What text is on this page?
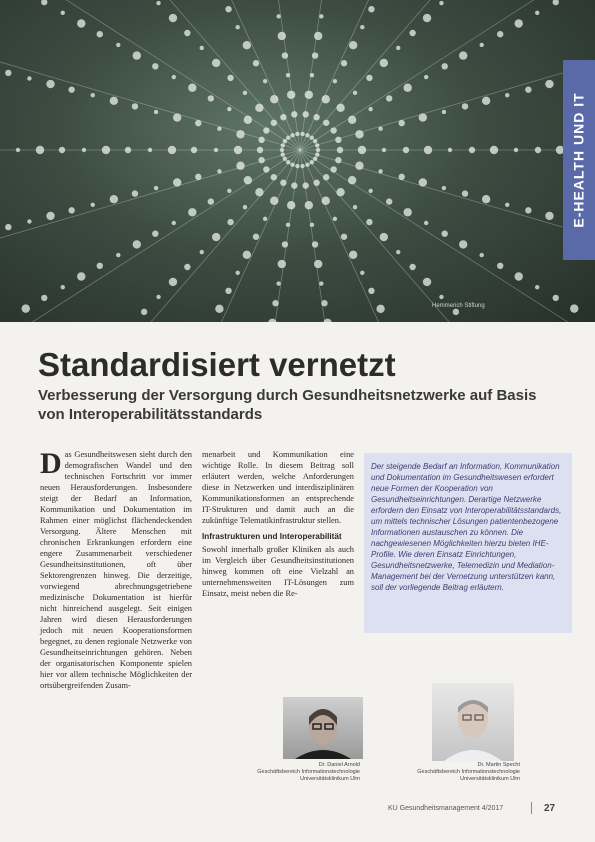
Hemmerich Stiftung
E-HEALTH UND IT
Standardisiert vernetzt
Verbesserung der Versorgung durch Gesundheitsnetzwerke auf Basis von Interoperabilitätsstandards
D as Gesundheitswesen sieht durch den demografischen Wandel und den technischen Fortschritt vor immer neuen Herausforderungen. Insbesondere steigt der Bedarf an Information, Kommunikation und Dokumentation im Rahmen einer möglichst flächendeckenden Versorgung. Ältere Menschen mit chronischen Erkrankungen erfordern eine engere Zusammenarbeit verschiedener Gesundheitsinstitutionen, oft über Sektorengrenzen hinweg. Die derzeitige, vorwiegend abrechnungsgetriebene medizinische Dokumentation ist hierfür nicht hinreichend ausgelegt. Seit einigen Jahren wird diesen Herausforderungen jedoch mit neuen Kooperationsformen begegnet, zu denen regionale Netzwerke von Gesundheitseinrichtungen gehören. Neben der organisatorischen Komponente spielen hier vor allem technische Möglichkeiten der ortsübergreifenden Zusam-

menarbeit und Kommunikation eine wichtige Rolle. In diesem Beitrag soll erläutert werden, welche Anforderungen diese in Netzwerken und interdisziplinären Kommunikationsformen an entsprechende IT-Strukturen und damit auch an die zukünftige Telematikinfrastruktur stellen.

Infrastrukturen und Interoperabilität

Sowohl innerhalb großer Kliniken als auch im Vergleich über Gesundheitsinstitutionen hinweg kommen oft eine Vielzahl an unternehmensweiten IT-Lösungen zum Einsatz, meist neben die Re-

Der steigende Bedarf an Information, Kommunikation und Dokumentation im Gesundheitswesen erfordert neue Formen der Kooperation von Gesundheitseinrichtungen. Derartige Netzwerke erfordern den Einsatz von Interoperabilitätsstandards, um mittels technischer Lösungen patientenbezogene Informationen austauschen zu können. Die nachgewiesenen Möglichkeiten hierzu bieten IHE-Profile. Wie deren Einsatz Einrichtungen, Gesundheitsnetzwerke, Telemedizin und Mediation-Management bei der Vernetzung unterstützen kann, soll der vorliegende Beitrag erläutern.

Dr. Daniel Arnold
Geschäftsbereich Informationstechnologie
Universitätsklinikum Ulm
Dr. Martin Specht
Geschäftsbereich Informationstechnologie
Universitätsklinikum Ulm
KU Gesundheitsmanagement 4/2017	27
